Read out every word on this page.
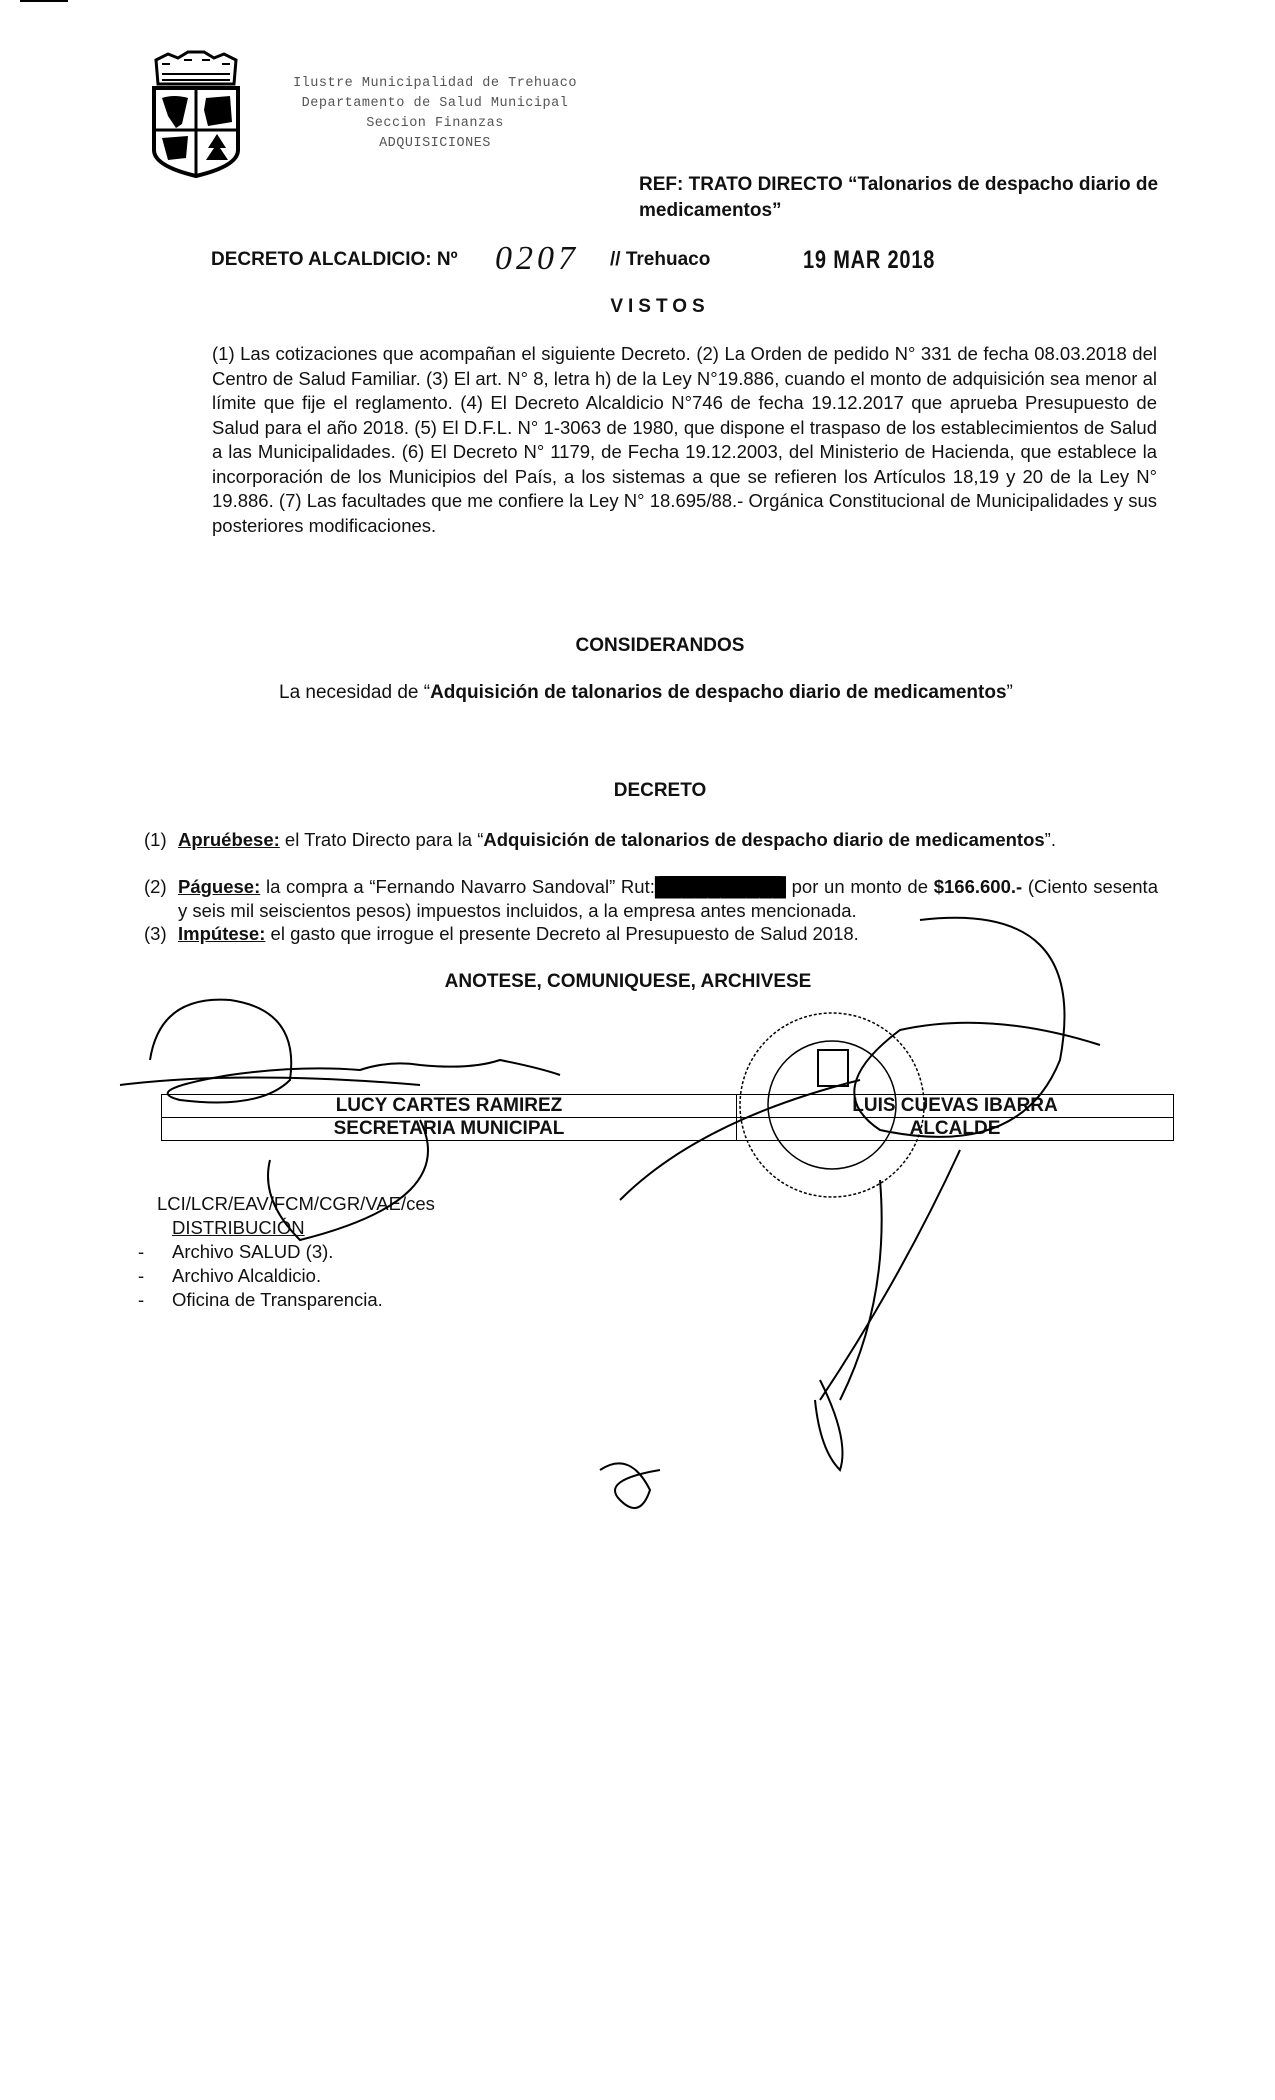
Ilustre Municipalidad de Trehuaco
Departamento de Salud Municipal
Seccion Finanzas
ADQUISICIONES
REF: TRATO DIRECTO “Talonarios de despacho diario de medicamentos”
DECRETO ALCALDICIO: Nº 0207 // Trehuaco	19 MAR 2018
VISTOS
(1) Las cotizaciones que acompañan el siguiente Decreto. (2) La Orden de pedido N° 331 de fecha 08.03.2018 del Centro de Salud Familiar. (3) El art. N° 8, letra h) de la Ley N°19.886, cuando el monto de adquisición sea menor al límite que fije el reglamento. (4) El Decreto Alcaldicio N°746 de fecha 19.12.2017 que aprueba Presupuesto de Salud para el año 2018. (5) El D.F.L. N° 1-3063 de 1980, que dispone el traspaso de los establecimientos de Salud a las Municipalidades. (6) El Decreto N° 1179, de Fecha 19.12.2003, del Ministerio de Hacienda, que establece la incorporación de los Municipios del País, a los sistemas a que se refieren los Artículos 18,19 y 20 de la Ley N° 19.886. (7) Las facultades que me confiere la Ley N° 18.695/88.- Orgánica Constitucional de Municipalidades y sus posteriores modificaciones.
CONSIDERANDOS
La necesidad de “Adquisición de talonarios de despacho diario de medicamentos”
DECRETO
(1) Apruébese: el Trato Directo para la “Adquisición de talonarios de despacho diario de medicamentos”.
(2) Páguese: la compra a “Fernando Navarro Sandoval” Rut:██████████ por un monto de $166.600.- (Ciento sesenta y seis mil seiscientos pesos) impuestos incluidos, a la empresa antes mencionada.
(3) Impútese: el gasto que irrogue el presente Decreto al Presupuesto de Salud 2018.
ANOTESE, COMUNIQUESE, ARCHIVESE
LUCY CARTES RAMIREZ	LUIS CUEVAS IBARRA
SECRETARIA MUNICIPAL	ALCALDE
LCI/LCR/EAV/FCM/CGR/VAE/ces
DISTRIBUCIÓN
- Archivo SALUD (3).
- Archivo Alcaldicio.
- Oficina de Transparencia.
